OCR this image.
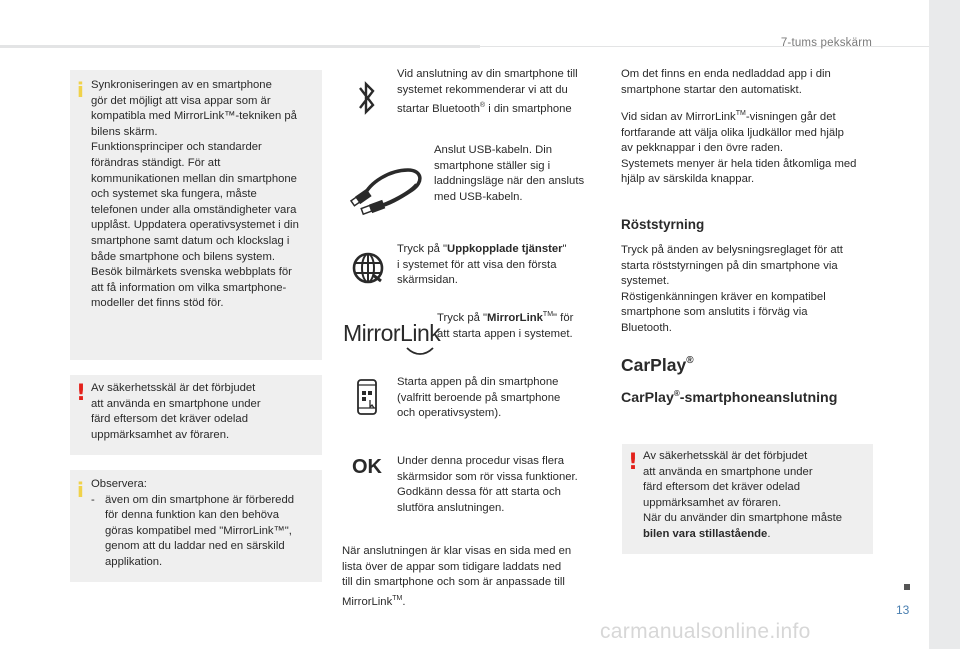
7-tums pekskärm
i Synkroniseringen av en smartphone
gör det möjligt att visa appar som är
kompatibla med MirrorLink™-tekniken på
bilens skärm.
Funktionsprinciper och standarder
förändras ständigt. För att
kommunikationen mellan din smartphone
och systemet ska fungera, måste
telefonen under alla omständigheter vara
upplåst. Uppdatera operativsystemet i din
smartphone samt datum och klockslag i
både smartphone och bilens system.
Besök bilmärkets svenska webbplats för
att få information om vilka smartphone-
modeller det finns stöd för.
! Av säkerhetsskäl är det förbjudet
att använda en smartphone under
färd eftersom det kräver odelad
uppmärksamhet av föraren.
i Observera:
- även om din smartphone är förberedd
för denna funktion kan den behöva
göras kompatibel med "MirrorLink™",
genom att du laddar ned en särskild
applikation.
Vid anslutning av din smartphone till
systemet rekommenderar vi att du
startar Bluetooth® i din smartphone
Anslut USB-kabeln. Din
smartphone ställer sig i
laddningsläge när den ansluts
med USB-kabeln.
Tryck på "Uppkopplade tjänster"
i systemet för att visa den första
skärmsidan.
MirrorLink
Tryck på "MirrorLink™" för
att starta appen i systemet.
Starta appen på din smartphone
(valfritt beroende på smartphone
och operativsystem).
OK Under denna procedur visas flera
skärmsidor som rör vissa funktioner.
Godkänn dessa för att starta och
slutföra anslutningen.
När anslutningen är klar visas en sida med en
lista över de appar som tidigare laddats ned
till din smartphone och som är anpassade till
MirrorLink™.
Om det finns en enda nedladdad app i din
smartphone startar den automatiskt.
Vid sidan av MirrorLink™-visningen går det
fortfarande att välja olika ljudkällor med hjälp
av pekknappar i den övre raden.
Systemets menyer är hela tiden åtkomliga med
hjälp av särskilda knappar.
Röststyrning
Tryck på änden av belysningsreglaget för att
starta röststyrningen på din smartphone via
systemet.
Röstigenkänningen kräver en kompatibel
smartphone som anslutits i förväg via
Bluetooth.
CarPlay®
CarPlay®-smartphoneanslutning
! Av säkerhetsskäl är det förbjudet
att använda en smartphone under
färd eftersom det kräver odelad
uppmärksamhet av föraren.
När du använder din smartphone måste
bilen vara stillastående.
13
carmanualsonline.info
